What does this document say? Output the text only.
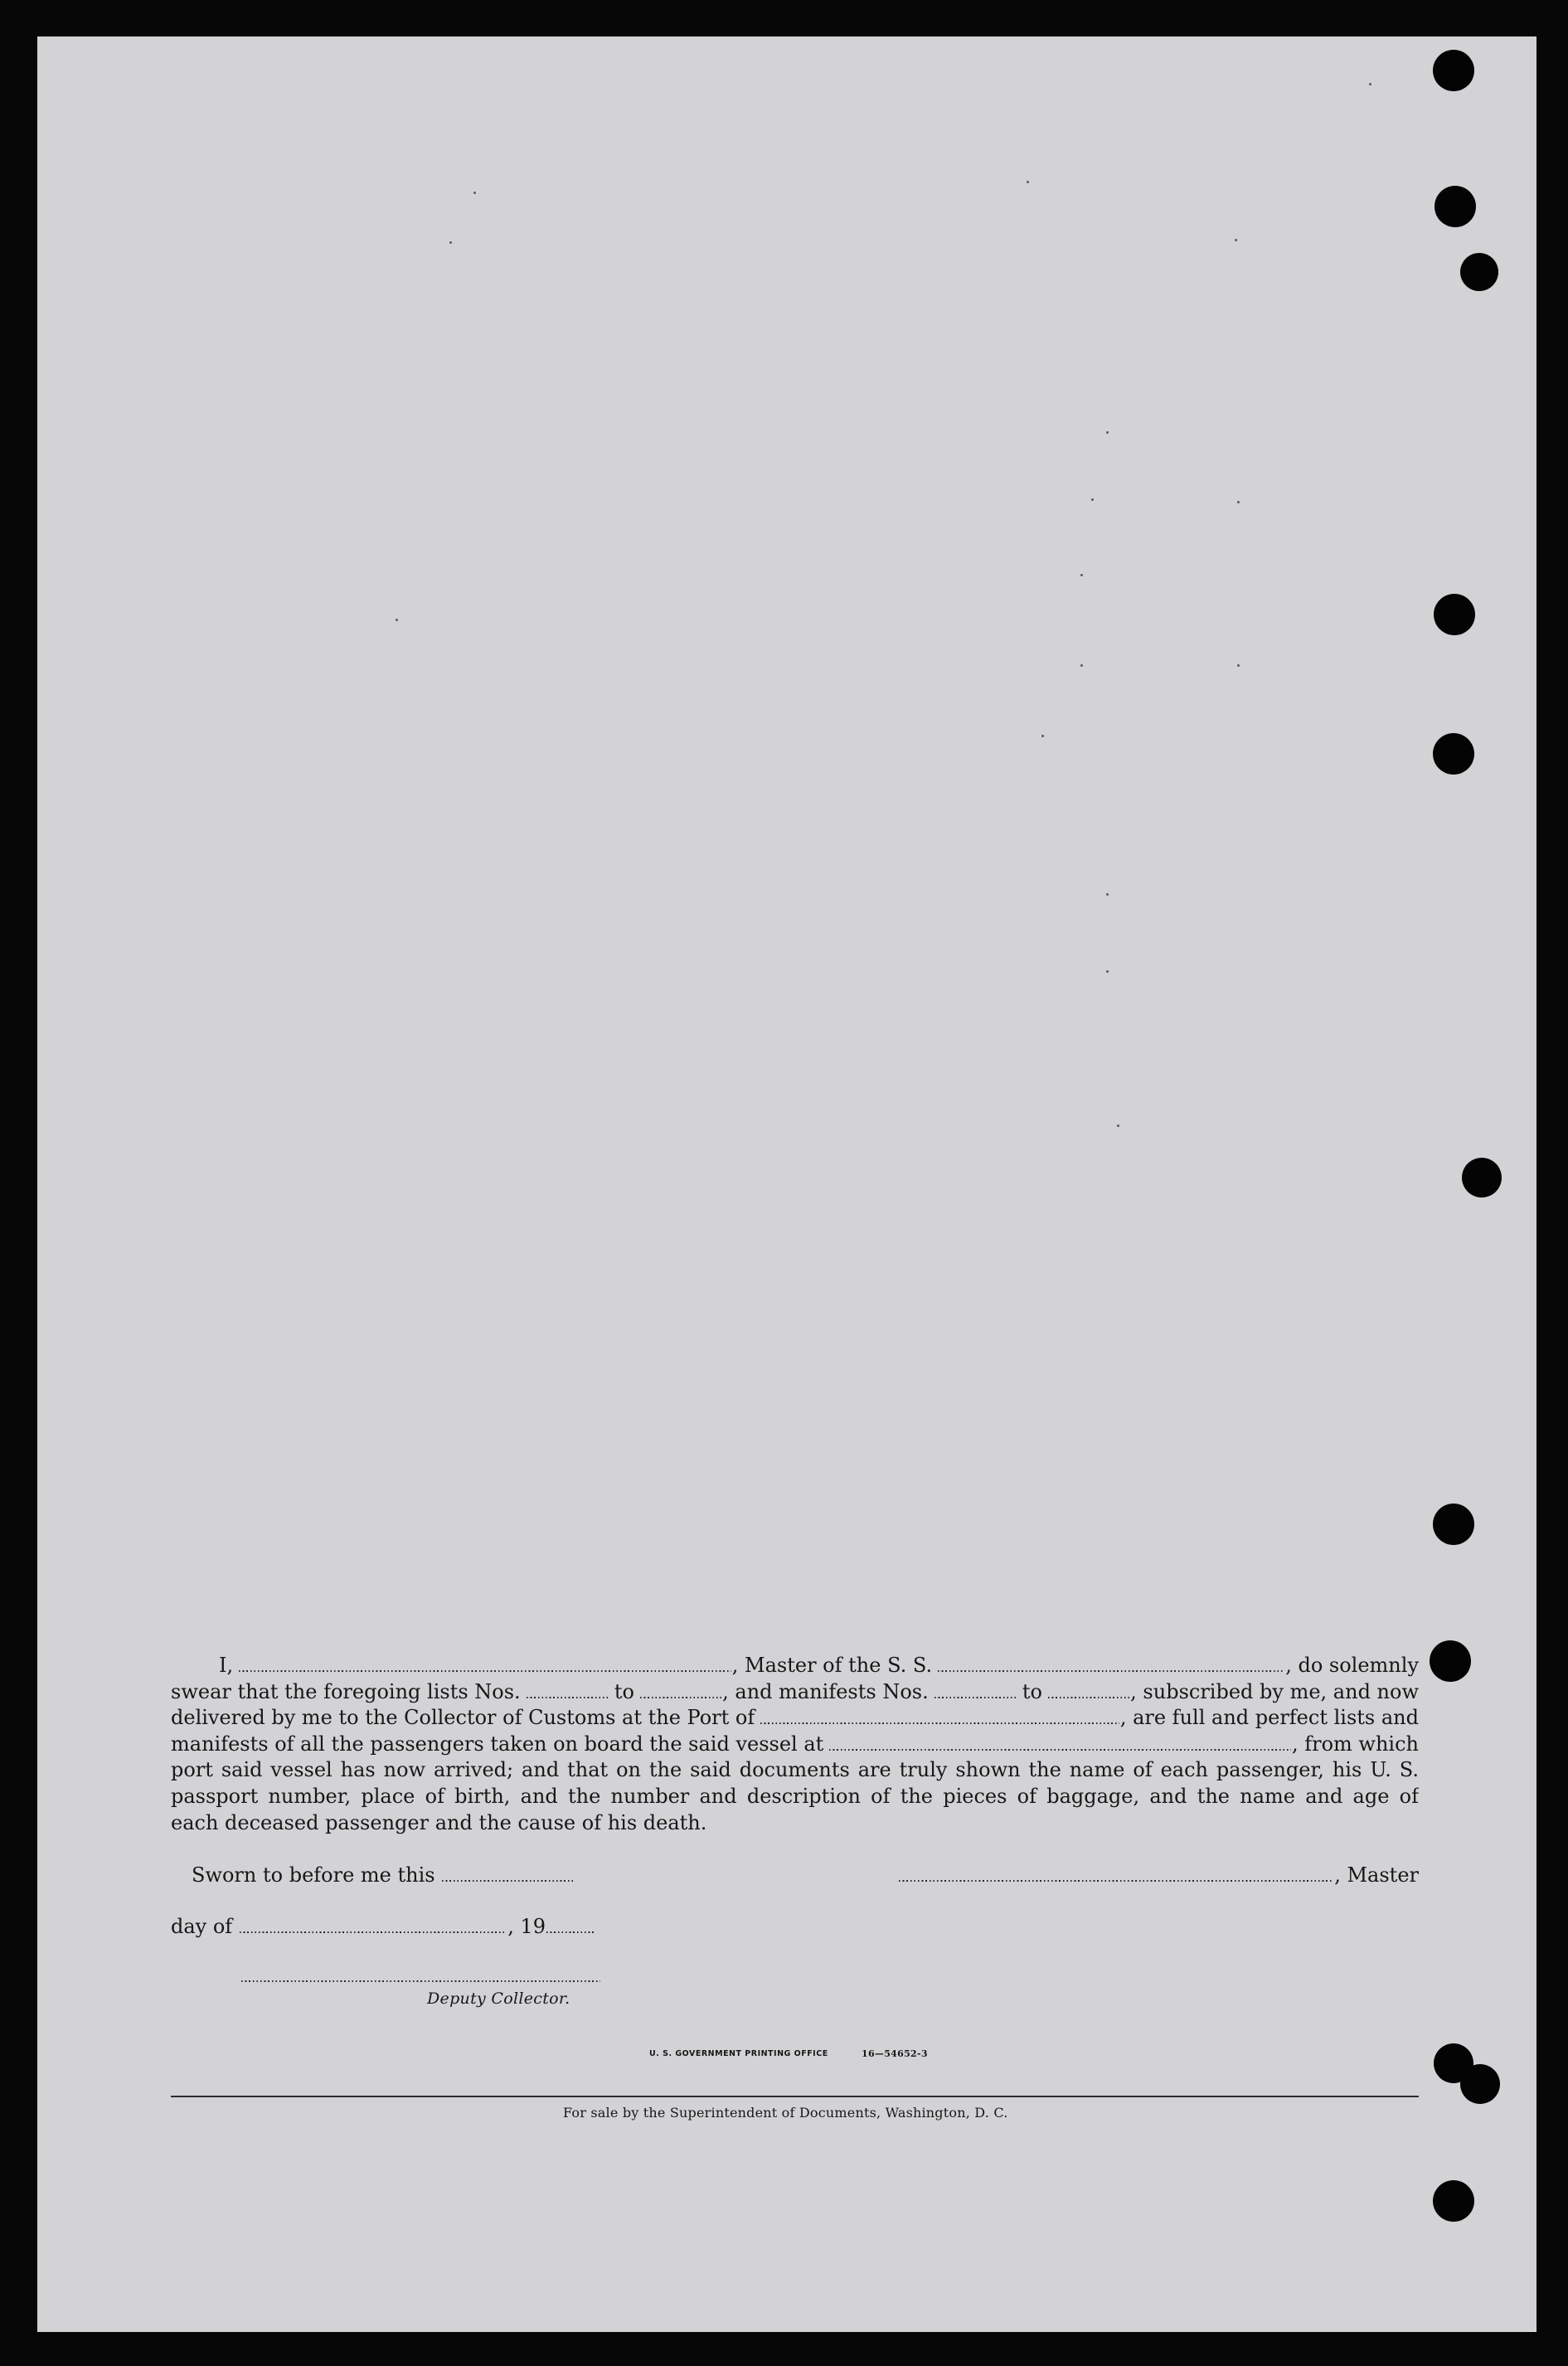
I,	, Master of the S. S.	, do solemnly
swear that the foregoing lists Nos.	to	, and manifests Nos.	to	, subscribed by me, and now
delivered by me to the Collector of Customs at the Port of	, are full and perfect lists and
manifests of all the passengers taken on board the said vessel at	, from which
port said vessel has now arrived; and that on the said documents are truly shown the name of each passenger, his U. S.
passport number, place of birth, and the number and description of the pieces of baggage, and the name and age of
each deceased passenger and the cause of his death.
Sworn to before me this	, Master
day of	, 19
Deputy Collector.
U. S. GOVERNMENT PRINTING OFFICE	16—54652-3
For sale by the Superintendent of Documents, Washington, D. C.
